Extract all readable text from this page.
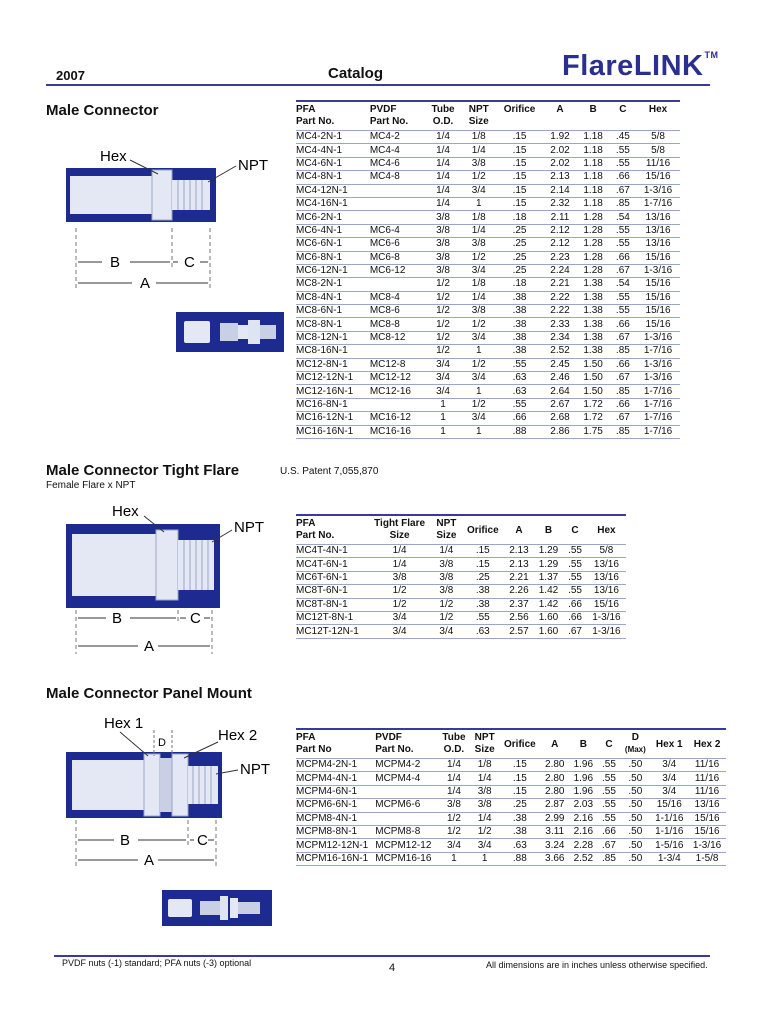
2007	Catalog	FlareLINK™
Male Connector
Hex
NPT
B	C
A
PFA	PVDF	Tube	NPT	Orifice	A	B	C	Hex
Part No.	Part No.	O.D.	Size					
MC4-2N-1	MC4-2	1/4	1/8	.15	1.92	1.18	.45	5/8
MC4-4N-1	MC4-4	1/4	1/4	.15	2.02	1.18	.55	5/8
MC4-6N-1	MC4-6	1/4	3/8	.15	2.02	1.18	.55	11/16
MC4-8N-1	MC4-8	1/4	1/2	.15	2.13	1.18	.66	15/16
MC4-12N-1		1/4	3/4	.15	2.14	1.18	.67	1-3/16
MC4-16N-1		1/4	1	.15	2.32	1.18	.85	1-7/16
MC6-2N-1		3/8	1/8	.18	2.11	1.28	.54	13/16
MC6-4N-1	MC6-4	3/8	1/4	.25	2.12	1.28	.55	13/16
MC6-6N-1	MC6-6	3/8	3/8	.25	2.12	1.28	.55	13/16
MC6-8N-1	MC6-8	3/8	1/2	.25	2.23	1.28	.66	15/16
MC6-12N-1	MC6-12	3/8	3/4	.25	2.24	1.28	.67	1-3/16
MC8-2N-1		1/2	1/8	.18	2.21	1.38	.54	15/16
MC8-4N-1	MC8-4	1/2	1/4	.38	2.22	1.38	.55	15/16
MC8-6N-1	MC8-6	1/2	3/8	.38	2.22	1.38	.55	15/16
MC8-8N-1	MC8-8	1/2	1/2	.38	2.33	1.38	.66	15/16
MC8-12N-1	MC8-12	1/2	3/4	.38	2.34	1.38	.67	1-3/16
MC8-16N-1		1/2	1	.38	2.52	1.38	.85	1-7/16
MC12-8N-1	MC12-8	3/4	1/2	.55	2.45	1.50	.66	1-3/16
MC12-12N-1	MC12-12	3/4	3/4	.63	2.46	1.50	.67	1-3/16
MC12-16N-1	MC12-16	3/4	1	.63	2.64	1.50	.85	1-7/16
MC16-8N-1		1	1/2	.55	2.67	1.72	.66	1-7/16
MC16-12N-1	MC16-12	1	3/4	.66	2.68	1.72	.67	1-7/16
MC16-16N-1	MC16-16	1	1	.88	2.86	1.75	.85	1-7/16
Male Connector Tight Flare	U.S. Patent 7,055,870
Female Flare x NPT
Hex
NPT
B	C
A
PFA	Tight Flare	NPT	Orifice	A	B	C	Hex
Part No.	Size	Size					
MC4T-4N-1	1/4	1/4	.15	2.13	1.29	.55	5/8
MC4T-6N-1	1/4	3/8	.15	2.13	1.29	.55	13/16
MC6T-6N-1	3/8	3/8	.25	2.21	1.37	.55	13/16
MC8T-6N-1	1/2	3/8	.38	2.26	1.42	.55	13/16
MC8T-8N-1	1/2	1/2	.38	2.37	1.42	.66	15/16
MC12T-8N-1	3/4	1/2	.55	2.56	1.60	.66	1-3/16
MC12T-12N-1	3/4	3/4	.63	2.57	1.60	.67	1-3/16
Male Connector Panel Mount
Hex 1
D	Hex 2
NPT
B	C
A
PFA	PVDF	Tube	NPT	Orifice	A	B	C	D	Hex 1	Hex 2
Part No	Part No.	O.D.	Size					(Max)		
MCPM4-2N-1	MCPM4-2	1/4	1/8	.15	2.80	1.96	.55	.50	3/4	11/16
MCPM4-4N-1	MCPM4-4	1/4	1/4	.15	2.80	1.96	.55	.50	3/4	11/16
MCPM4-6N-1		1/4	3/8	.15	2.80	1.96	.55	.50	3/4	11/16
MCPM6-6N-1	MCPM6-6	3/8	3/8	.25	2.87	2.03	.55	.50	15/16	13/16
MCPM8-4N-1		1/2	1/4	.38	2.99	2.16	.55	.50	1-1/16	15/16
MCPM8-8N-1	MCPM8-8	1/2	1/2	.38	3.11	2.16	.66	.50	1-1/16	15/16
MCPM12-12N-1	MCPM12-12	3/4	3/4	.63	3.24	2.28	.67	.50	1-5/16	1-3/16
MCPM16-16N-1	MCPM16-16	1	1	.88	3.66	2.52	.85	.50	1-3/4	1-5/8
PVDF nuts (-1) standard; PFA nuts (-3) optional	4	All dimensions are in inches unless otherwise specified.
